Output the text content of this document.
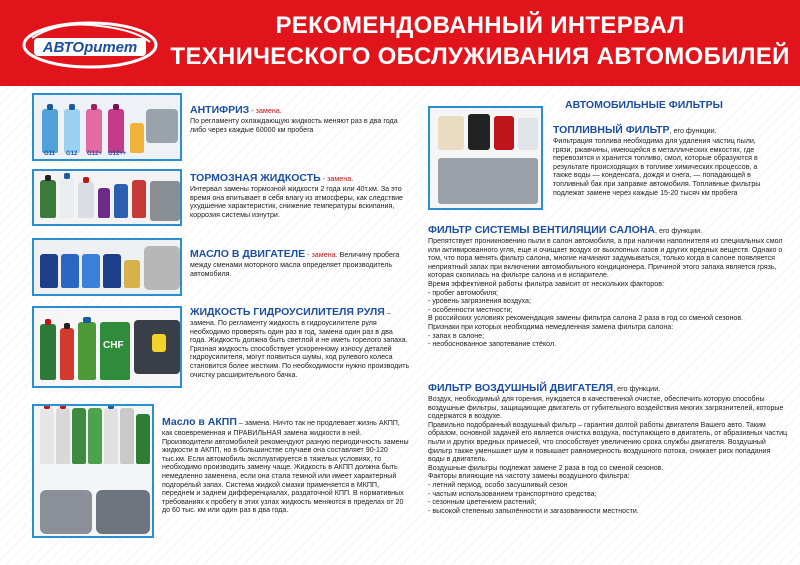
АВТОритет
РЕКОМЕНДОВАННЫЙ ИНТЕРВАЛ
ТЕХНИЧЕСКОГО ОБСЛУЖИВАНИЯ АВТОМОБИЛЕЙ
G11 G12 G12+ G12++
АНТИФРИЗ - замена.

По регламенту охлаждающую жидкость меняют раз в два года либо через каждые 60000 км пробега

ТОРМОЗНАЯ ЖИДКОСТЬ - замена.

Интервал замены тормозной жидкости 2 года или 40т.км. За это время она впитывает в себя влагу из атмосферы, как следствие ухудшение характеристик, снижение температуры вскипания, коррозия системы изнутри.

МАСЛО В ДВИГАТЕЛЕ - замена. Величину пробега между сменами моторного масла определяет производитель автомобиля.
CHF
ЖИДКОСТЬ ГИДРОУСИЛИТЕЛЯ РУЛЯ –

замена. По регламенту жидкость в гидроусилителе руля необходимо проверять один раз в год, замена один раз в два года. Жидкость должна быть светлой и не иметь горелого запаха. Грязная жидкость способствует ускоренному износу деталей гидроусилителя, могут появиться шумы, ход рулевого колеса становится более жестким. По необходимости нужно производить очистку расширительного бачка.

Масло в АКПП – замена. Ничто так не продлевает жизнь АКПП, как своевременная и ПРАВИЛЬНАЯ замена жидкости в ней. Производители автомобилей рекомендуют разную периодичность замены жидкости в АКПП, но в большинстве случаев она составляет 90-120 тыс.км. Если автомобиль эксплуатируется в тяжелых условиях, то необходимо производить замену чаще. Жидкость в АКПП должна быть немедленно заменена, если она стала темной или имеет характерный подгорелый запах. Система жидкой смазки применяется в МКПП, переднем и заднем дифференциалах, раздаточной КПП. В нормативных требованиях к пробегу в этих узлах жидкость меняются в пределах от 20 до 60 тыс. км или один раз в два года.
АВТОМОБИЛЬНЫЕ ФИЛЬТРЫ
ТОПЛИВНЫЙ ФИЛЬТР, его функции.

Фильтрация топлива необходима для удаления частиц пыли, грязи, ржавчины, имеющейся в металлических емкостях, где перевозится и хранится топливо, смол, которые образуются в результате происходящих в топливе химических процессов, а также воды — конденсата, дождя и снега, — попадающей в топливный бак при заправке автомобиля. Топливные фильтры подлежат замене через каждые 15-20 тысяч км пробега

ФИЛЬТР СИСТЕМЫ ВЕНТИЛЯЦИИ САЛОНА, его функции.

Препятствует проникновению пыли в салон автомобиля, а при наличии наполнителя из специальных смол или активированного угля, еще и очищает воздух от выхлопных газов и других вредных веществ. Однако о том, что пора менять фильтр салона, многие начинают задумываться, только когда в салоне появляется неприятный запах при включении автомобильного кондиционера. Причиной этого запаха является грязь, которая скопилась на фильтре салона и в испарителе.

Время эффективной работы фильтра зависит от нескольких факторов:

- пробег автомобиля;

- уровень загрязнения воздуха;

- особенности местности;

В российских условиях рекомендация замены фильтра салона 2 раза в год со сменой сезонов.

Признаки при которых необходима немедленная замена фильтра салона:

- запах в салоне;

- необоснованное запотевание стёкол.

ФИЛЬТР ВОЗДУШНЫЙ ДВИГАТЕЛЯ, его функции.

Воздух, необходимый для горения, нуждается в качественной очистке, обеспечить которую способны воздушные фильтры, защищающие двигатель от губительного воздействия многих загрязнителей, которые содержатся в воздухе.

Правильно подобранный воздушный фильтр – гарантия долгой работы двигателя Вашего авто. Таким образом, основной задачей его является очистка воздуха, поступающего в двигатель, от абразивных частиц пыли и других вредных примесей, что способствует увеличению срока службы двигателя. Воздушный фильтр также уменьшает шум и повышает равномерность воздушного потока, снижает риск попадания воды в двигатель.

Воздушные фильтры подлежат замене 2 раза в год со сменой сезонов.

Факторы влияющие на частоту замены воздушного фильтра:

- летний период, особо засушливый сезон

- частым использованием транспортного средства;

- сезонным цветением растений;

- высокой степенью запылённости и загазованности местности.
